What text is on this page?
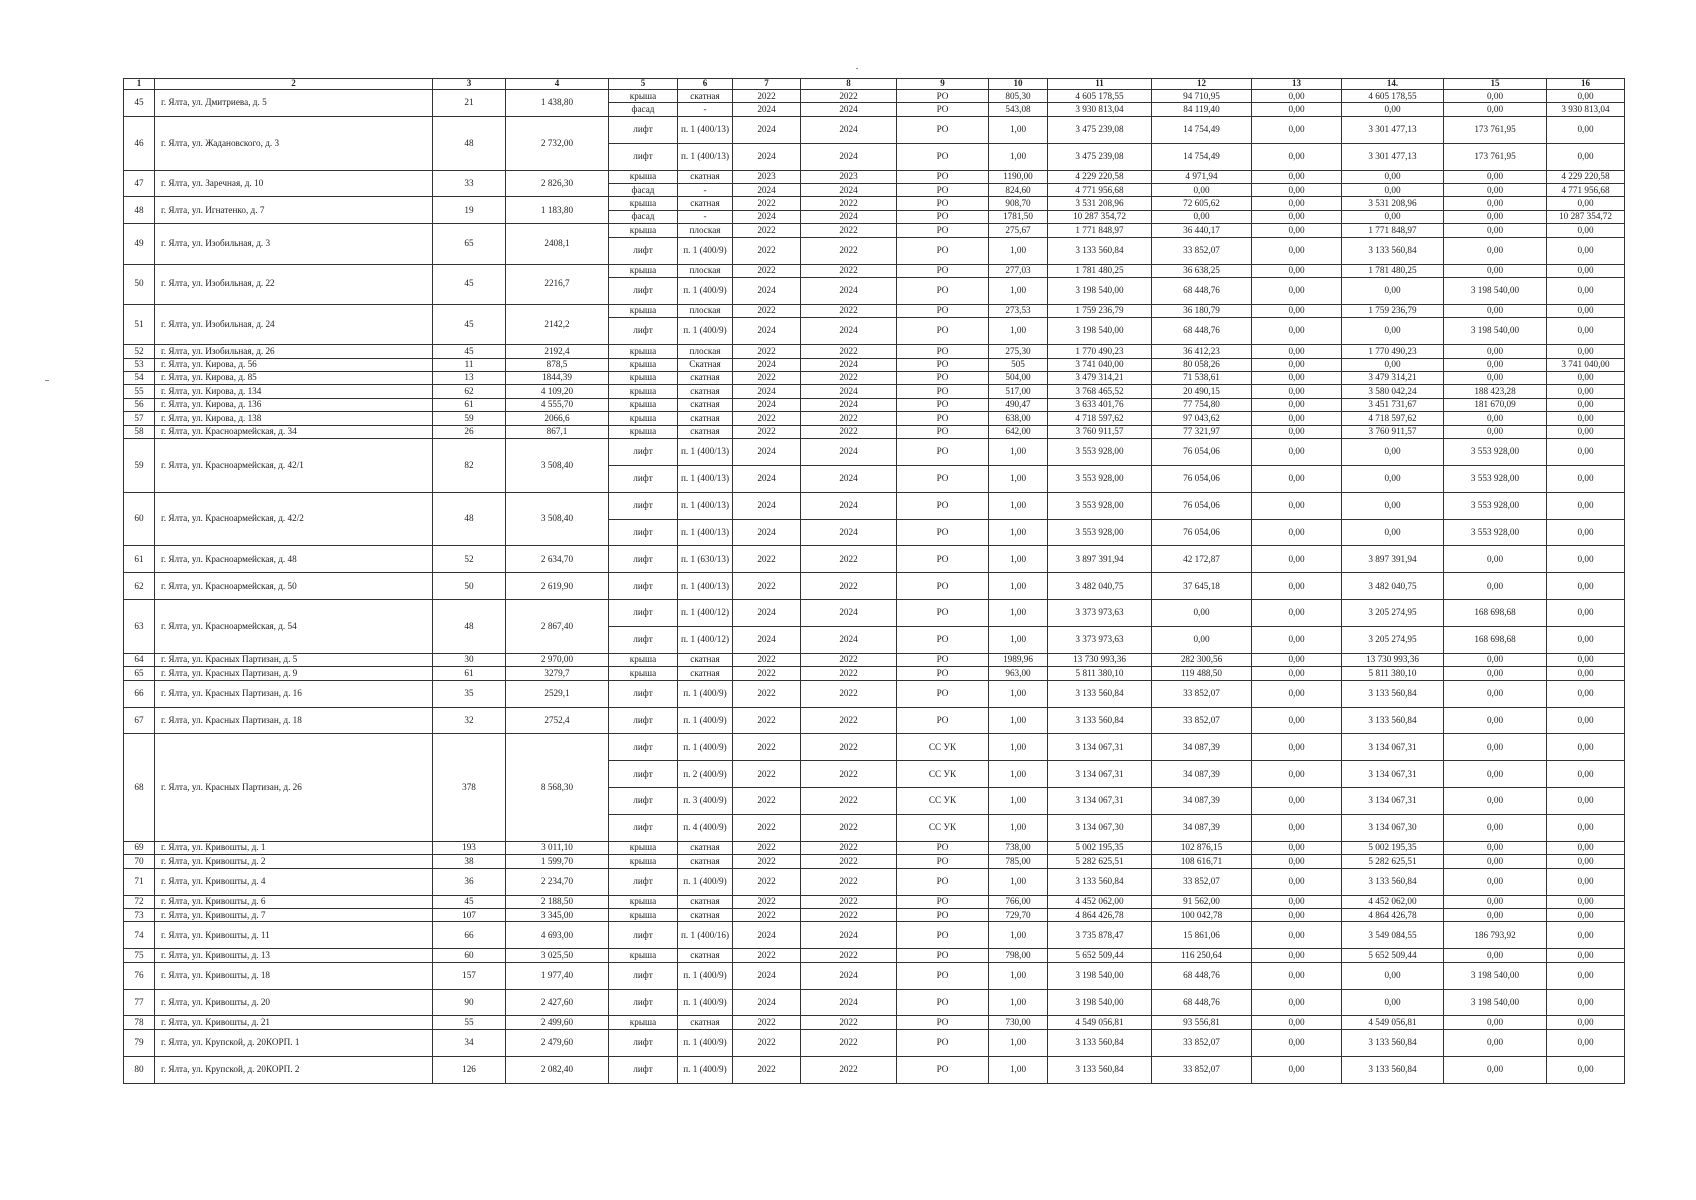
1	2	3	4	5	6	7	8	9	10	11	12	13	14.	15	16
45	г. Ялта, ул. Дмитриева, д. 5	21	1 438,80	крыша	скатная	2022	2022	РО	805,30	4 605 178,55	94 710,95	0,00	4 605 178,55	0,00	0,00
				фасад	-	2024	2024	РО	543,08	3 930 813,04	84 119,40	0,00	0,00	0,00	3 930 813,04
46	г. Ялта, ул. Жадановского, д. 3	48	2 732,00	лифт	п. 1 (400/13)	2024	2024	РО	1,00	3 475 239,08	14 754,49	0,00	3 301 477,13	173 761,95	0,00
				лифт	п. 1 (400/13)	2024	2024	РО	1,00	3 475 239,08	14 754,49	0,00	3 301 477,13	173 761,95	0,00
47	г. Ялта, ул. Заречная, д. 10	33	2 826,30	крыша	скатная	2023	2023	РО	1190,00	4 229 220,58	4 971,94	0,00	0,00	0,00	4 229 220,58
				фасад	-	2024	2024	РО	824,60	4 771 956,68	0,00	0,00	0,00	0,00	4 771 956,68
48	г. Ялта, ул. Игнатенко, д. 7	19	1 183,80	крыша	скатная	2022	2022	РО	908,70	3 531 208,96	72 605,62	0,00	3 531 208,96	0,00	0,00
				фасад	-	2024	2024	РО	1781,50	10 287 354,72	0,00	0,00	0,00	0,00	10 287 354,72
49	г. Ялта, ул. Изобильная, д. 3	65	2408,1	крыша	плоская	2022	2022	РО	275,67	1 771 848,97	36 440,17	0,00	1 771 848,97	0,00	0,00
				лифт	п. 1 (400/9)	2022	2022	РО	1,00	3 133 560,84	33 852,07	0,00	3 133 560,84	0,00	0,00
50	г. Ялта, ул. Изобильная, д. 22	45	2216,7	крыша	плоская	2022	2022	РО	277,03	1 781 480,25	36 638,25	0,00	1 781 480,25	0,00	0,00
				лифт	п. 1 (400/9)	2024	2024	РО	1,00	3 198 540,00	68 448,76	0,00	0,00	3 198 540,00	0,00
51	г. Ялта, ул. Изобильная, д. 24	45	2142,2	крыша	плоская	2022	2022	РО	273,53	1 759 236,79	36 180,79	0,00	1 759 236,79	0,00	0,00
				лифт	п. 1 (400/9)	2024	2024	РО	1,00	3 198 540,00	68 448,76	0,00	0,00	3 198 540,00	0,00
52	г. Ялта, ул. Изобильная, д. 26	45	2192,4	крыша	плоская	2022	2022	РО	275,30	1 770 490,23	36 412,23	0,00	1 770 490,23	0,00	0,00
53	г. Ялта, ул. Кирова, д. 56	11	878,5	крыша	Скатная	2024	2024	РО	505	3 741 040,00	80 058,26	0,00	0,00	0,00	3 741 040,00
54	г. Ялта, ул. Кирова, д. 85	13	1844,39	крыша	скатная	2022	2022	РО	504,00	3 479 314,21	71 538,61	0,00	3 479 314,21	0,00	0,00
55	г. Ялта, ул. Кирова, д. 134	62	4 109,20	крыша	скатная	2024	2024	РО	517,00	3 768 465,52	20 490,15	0,00	3 580 042,24	188 423,28	0,00
56	г. Ялта, ул. Кирова, д. 136	61	4 555,70	крыша	скатная	2024	2024	РО	490,47	3 633 401,76	77 754,80	0,00	3 451 731,67	181 670,09	0,00
57	г. Ялта, ул. Кирова, д. 138	59	2066,6	крыша	скатная	2022	2022	РО	638,00	4 718 597,62	97 043,62	0,00	4 718 597,62	0,00	0,00
58	г. Ялта, ул. Красноармейская, д. 34	26	867,1	крыша	скатная	2022	2022	РО	642,00	3 760 911,57	77 321,97	0,00	3 760 911,57	0,00	0,00
59	г. Ялта, ул. Красноармейская, д. 42/1	82	3 508,40	лифт	п. 1 (400/13)	2024	2024	РО	1,00	3 553 928,00	76 054,06	0,00	0,00	3 553 928,00	0,00
				лифт	п. 1 (400/13)	2024	2024	РО	1,00	3 553 928,00	76 054,06	0,00	0,00	3 553 928,00	0,00
60	г. Ялта, ул. Красноармейская, д. 42/2	48	3 508,40	лифт	п. 1 (400/13)	2024	2024	РО	1,00	3 553 928,00	76 054,06	0,00	0,00	3 553 928,00	0,00
				лифт	п. 1 (400/13)	2024	2024	РО	1,00	3 553 928,00	76 054,06	0,00	0,00	3 553 928,00	0,00
61	г. Ялта, ул. Красноармейская, д. 48	52	2 634,70	лифт	п. 1 (630/13)	2022	2022	РО	1,00	3 897 391,94	42 172,87	0,00	3 897 391,94	0,00	0,00
62	г. Ялта, ул. Красноармейская, д. 50	50	2 619,90	лифт	п. 1 (400/13)	2022	2022	РО	1,00	3 482 040,75	37 645,18	0,00	3 482 040,75	0,00	0,00
63	г. Ялта, ул. Красноармейская, д. 54	48	2 867,40	лифт	п. 1 (400/12)	2024	2024	РО	1,00	3 373 973,63	0,00	0,00	3 205 274,95	168 698,68	0,00
				лифт	п. 1 (400/12)	2024	2024	РО	1,00	3 373 973,63	0,00	0,00	3 205 274,95	168 698,68	0,00
64	г. Ялта, ул. Красных Партизан, д. 5	30	2 970,00	крыша	скатная	2022	2022	РО	1989,96	13 730 993,36	282 300,56	0,00	13 730 993,36	0,00	0,00
65	г. Ялта, ул. Красных Партизан, д. 9	61	3279,7	крыша	скатная	2022	2022	РО	963,00	5 811 380,10	119 488,50	0,00	5 811 380,10	0,00	0,00
66	г. Ялта, ул. Красных Партизан, д. 16	35	2529,1	лифт	п. 1 (400/9)	2022	2022	РО	1,00	3 133 560,84	33 852,07	0,00	3 133 560,84	0,00	0,00
67	г. Ялта, ул. Красных Партизан, д. 18	32	2752,4	лифт	п. 1 (400/9)	2022	2022	РО	1,00	3 133 560,84	33 852,07	0,00	3 133 560,84	0,00	0,00
68	г. Ялта, ул. Красных Партизан, д. 26	378	8 568,30	лифт	п. 1 (400/9)	2022	2022	СС УК	1,00	3 134 067,31	34 087,39	0,00	3 134 067,31	0,00	0,00
				лифт	п. 2 (400/9)	2022	2022	СС УК	1,00	3 134 067,31	34 087,39	0,00	3 134 067,31	0,00	0,00
				лифт	п. 3 (400/9)	2022	2022	СС УК	1,00	3 134 067,31	34 087,39	0,00	3 134 067,31	0,00	0,00
				лифт	п. 4 (400/9)	2022	2022	СС УК	1,00	3 134 067,30	34 087,39	0,00	3 134 067,30	0,00	0,00
69	г. Ялта, ул. Кривошты, д. 1	193	3 011,10	крыша	скатная	2022	2022	РО	738,00	5 002 195,35	102 876,15	0,00	5 002 195,35	0,00	0,00
70	г. Ялта, ул. Кривошты, д. 2	38	1 599,70	крыша	скатная	2022	2022	РО	785,00	5 282 625,51	108 616,71	0,00	5 282 625,51	0,00	0,00
71	г. Ялта, ул. Кривошты, д. 4	36	2 234,70	лифт	п. 1 (400/9)	2022	2022	РО	1,00	3 133 560,84	33 852,07	0,00	3 133 560,84	0,00	0,00
72	г. Ялта, ул. Кривошты, д. 6	45	2 188,50	крыша	скатная	2022	2022	РО	766,00	4 452 062,00	91 562,00	0,00	4 452 062,00	0,00	0,00
73	г. Ялта, ул. Кривошты, д. 7	107	3 345,00	крыша	скатная	2022	2022	РО	729,70	4 864 426,78	100 042,78	0,00	4 864 426,78	0,00	0,00
74	г. Ялта, ул. Кривошты, д. 11	66	4 693,00	лифт	п. 1 (400/16)	2024	2024	РО	1,00	3 735 878,47	15 861,06	0,00	3 549 084,55	186 793,92	0,00
75	г. Ялта, ул. Кривошты, д. 13	60	3 025,50	крыша	скатная	2022	2022	РО	798,00	5 652 509,44	116 250,64	0,00	5 652 509,44	0,00	0,00
76	г. Ялта, ул. Кривошты, д. 18	157	1 977,40	лифт	п. 1 (400/9)	2024	2024	РО	1,00	3 198 540,00	68 448,76	0,00	0,00	3 198 540,00	0,00
77	г. Ялта, ул. Кривошты, д. 20	90	2 427,60	лифт	п. 1 (400/9)	2024	2024	РО	1,00	3 198 540,00	68 448,76	0,00	0,00	3 198 540,00	0,00
78	г. Ялта, ул. Кривошты, д. 21	55	2 499,60	крыша	скатная	2022	2022	РО	730,00	4 549 056,81	93 556,81	0,00	4 549 056,81	0,00	0,00
79	г. Ялта, ул. Крупской, д. 20КОРП. 1	34	2 479,60	лифт	п. 1 (400/9)	2022	2022	РО	1,00	3 133 560,84	33 852,07	0,00	3 133 560,84	0,00	0,00
80	г. Ялта, ул. Крупской, д. 20КОРП. 2	126	2 082,40	лифт	п. 1 (400/9)	2022	2022	РО	1,00	3 133 560,84	33 852,07	0,00	3 133 560,84	0,00	0,00
